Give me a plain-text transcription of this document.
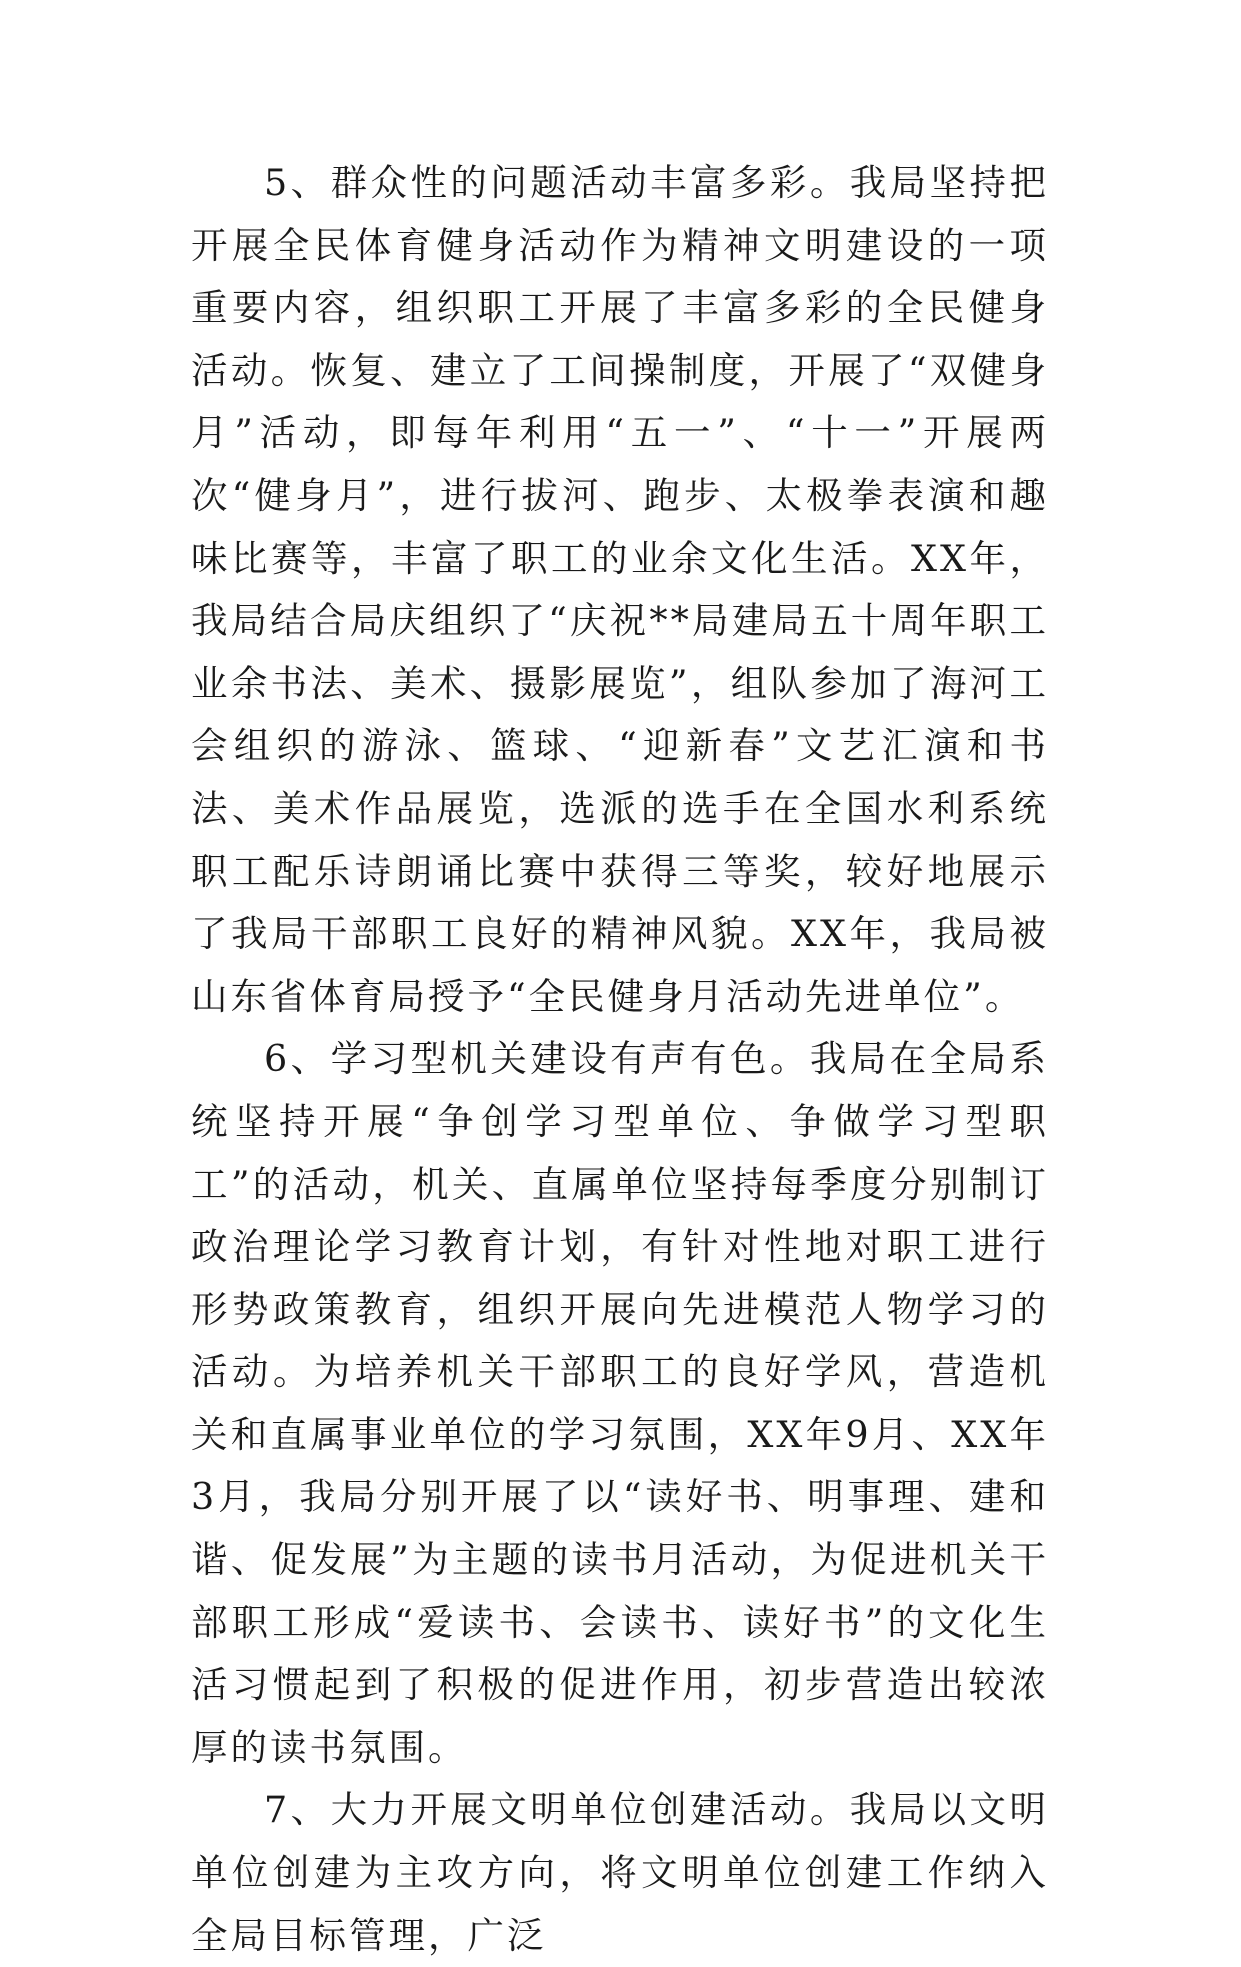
5、群众性的问题活动丰富多彩。我局坚持把开展全民体育健身活动作为精神文明建设的一项重要内容，组织职工开展了丰富多彩的全民健身活动。恢复、建立了工间操制度，开展了“双健身月”活动，即每年利用“五一”、“十一”开展两次“健身月”，进行拔河、跑步、太极拳表演和趣味比赛等，丰富了职工的业余文化生活。XX年，我局结合局庆组织了“庆祝**局建局五十周年职工业余书法、美术、摄影展览”，组队参加了海河工会组织的游泳、篮球、“迎新春”文艺汇演和书法、美术作品展览，选派的选手在全国水利系统职工配乐诗朗诵比赛中获得三等奖，较好地展示了我局干部职工良好的精神风貌。XX年，我局被山东省体育局授予“全民健身月活动先进单位”。

6、学习型机关建设有声有色。我局在全局系统坚持开展“争创学习型单位、争做学习型职工”的活动，机关、直属单位坚持每季度分别制订政治理论学习教育计划，有针对性地对职工进行形势政策教育，组织开展向先进模范人物学习的活动。为培养机关干部职工的良好学风，营造机关和直属事业单位的学习氛围，XX年9月、XX年3月，我局分别开展了以“读好书、明事理、建和谐、促发展”为主题的读书月活动，为促进机关干部职工形成“爱读书、会读书、读好书”的文化生活习惯起到了积极的促进作用，初步营造出较浓厚的读书氛围。

7、大力开展文明单位创建活动。我局以文明单位创建为主攻方向，将文明单位创建工作纳入全局目标管理，广泛
